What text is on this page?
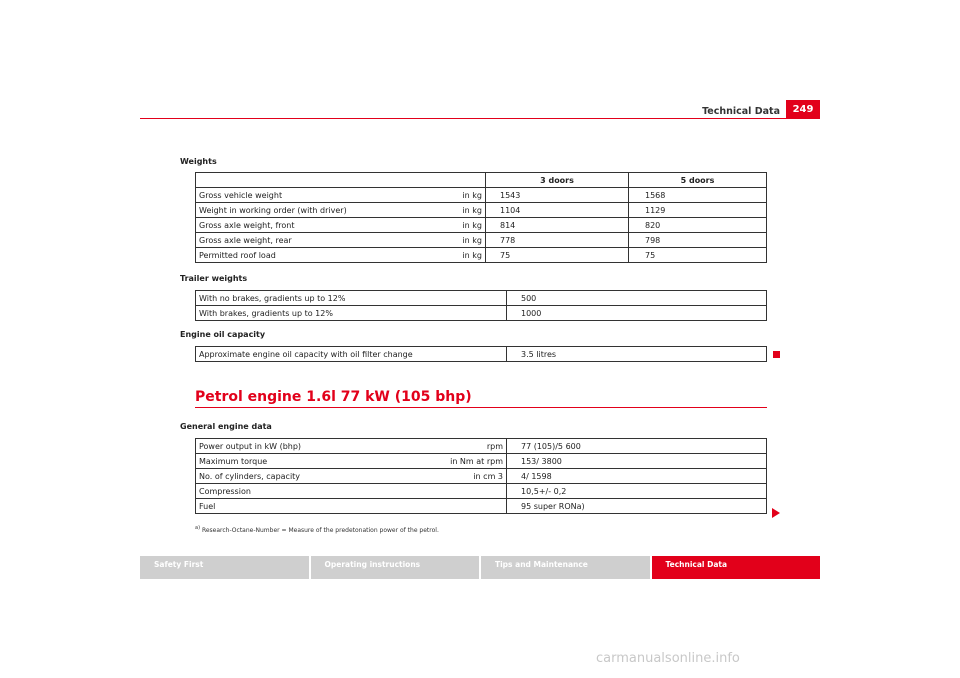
Technical Data	249
Weights
	3 doors	5 doors
Gross vehicle weight in kg	1543	1568
Weight in working order (with driver) in kg	1104	1129
Gross axle weight, front in kg	814	820
Gross axle weight, rear in kg	778	798
Permitted roof load in kg	75	75
Trailer weights
With no brakes, gradients up to 12%	500
With brakes, gradients up to 12%	1000
Engine oil capacity
Approximate engine oil capacity with oil filter change	3.5 litres
Petrol engine 1.6l 77 kW (105 bhp)
General engine data
Power output in kW (bhp) rpm	77 (105)/5 600
Maximum torque in Nm at rpm	153/ 3800
No. of cylinders, capacity in cm 3	4/ 1598
Compression	10,5+/- 0,2
Fuel	95 super RONa)
$^{a)}$ Research-Octane-Number = Measure of the predetonation power of the petrol.
Safety First	Operating instructions	Tips and Maintenance	Technical Data
carmanualsonline.info
